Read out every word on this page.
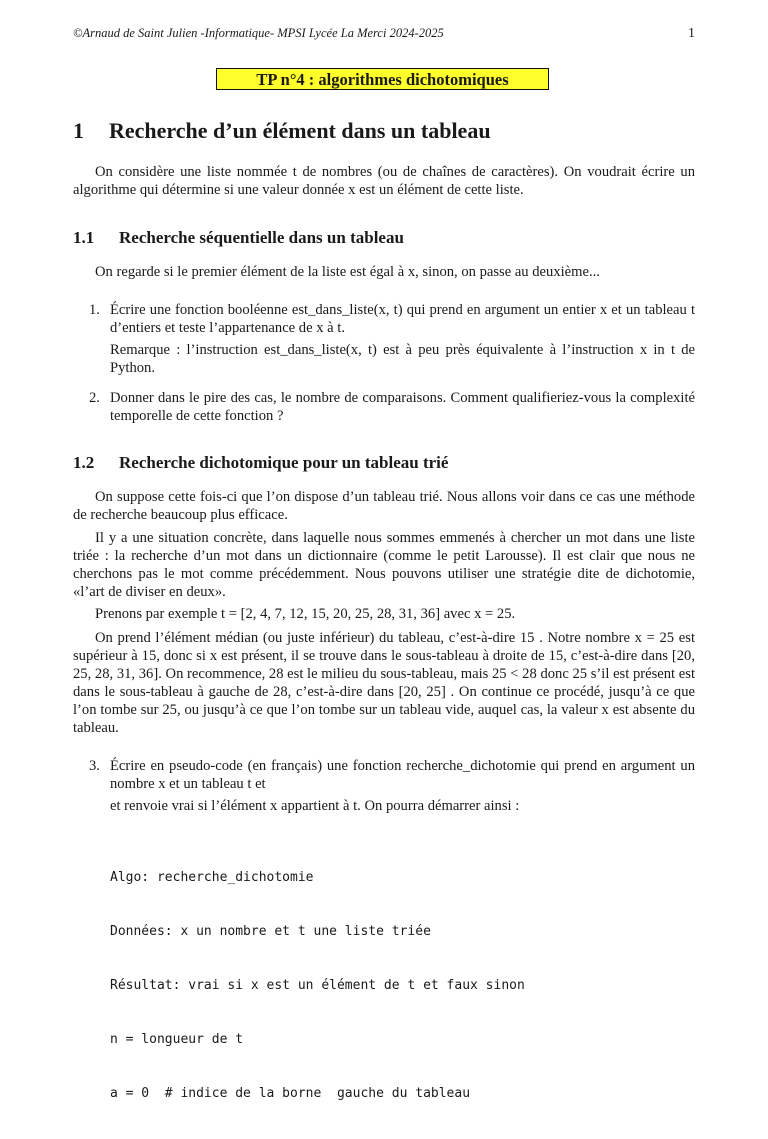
©Arnaud de Saint Julien -Informatique- MPSI Lycée La Merci 2024-2025	1
TP n°4 : algorithmes dichotomiques
1 Recherche d’un élément dans un tableau
On considère une liste nommée t de nombres (ou de chaînes de caractères). On voudrait écrire un algorithme qui détermine si une valeur donnée x est un élément de cette liste.
1.1 Recherche séquentielle dans un tableau
On regarde si le premier élément de la liste est égal à x, sinon, on passe au deuxième...
1. Écrire une fonction booléenne est_dans_liste(x, t) qui prend en argument un entier x et un tableau t d’entiers et teste l’appartenance de x à t.
Remarque : l’instruction est_dans_liste(x, t) est à peu près équivalente à l’instruction x in t de Python.
2. Donner dans le pire des cas, le nombre de comparaisons. Comment qualifieriez-vous la complexité temporelle de cette fonction ?
1.2 Recherche dichotomique pour un tableau trié
On suppose cette fois-ci que l’on dispose d’un tableau trié. Nous allons voir dans ce cas une méthode de recherche beaucoup plus efficace.
Il y a une situation concrète, dans laquelle nous sommes emmenés à chercher un mot dans une liste triée : la recherche d’un mot dans un dictionnaire (comme le petit Larousse). Il est clair que nous ne cherchons pas le mot comme précédemment. Nous pouvons utiliser une stratégie dite de dichotomie, «l’art de diviser en deux».
Prenons par exemple t = [2, 4, 7, 12, 15, 20, 25, 28, 31, 36] avec x = 25.
On prend l’élément médian (ou juste inférieur) du tableau, c’est-à-dire 15 . Notre nombre x = 25 est supérieur à 15, donc si x est présent, il se trouve dans le sous-tableau à droite de 15, c’est-à-dire dans [20, 25, 28, 31, 36]. On recommence, 28 est le milieu du sous-tableau, mais 25 < 28 donc 25 s’il est présent est dans le sous-tableau à gauche de 28, c’est-à-dire dans [20, 25] . On continue ce procédé, jusqu’à ce que l’on tombe sur 25, ou jusqu’à ce que l’on tombe sur un tableau vide, auquel cas, la valeur x est absente du tableau.
3. Écrire en pseudo-code (en français) une fonction recherche_dichotomie qui prend en argument un nombre x et un tableau t et
et renvoie vrai si l’élément x appartient à t. On pourra démarrer ainsi :

Algo: recherche_dichotomie

Données: x un nombre et t une liste triée

Résultat: vrai si x est un élément de t et faux sinon

n = longueur de t

a = 0  # indice de la borne  gauche du tableau
